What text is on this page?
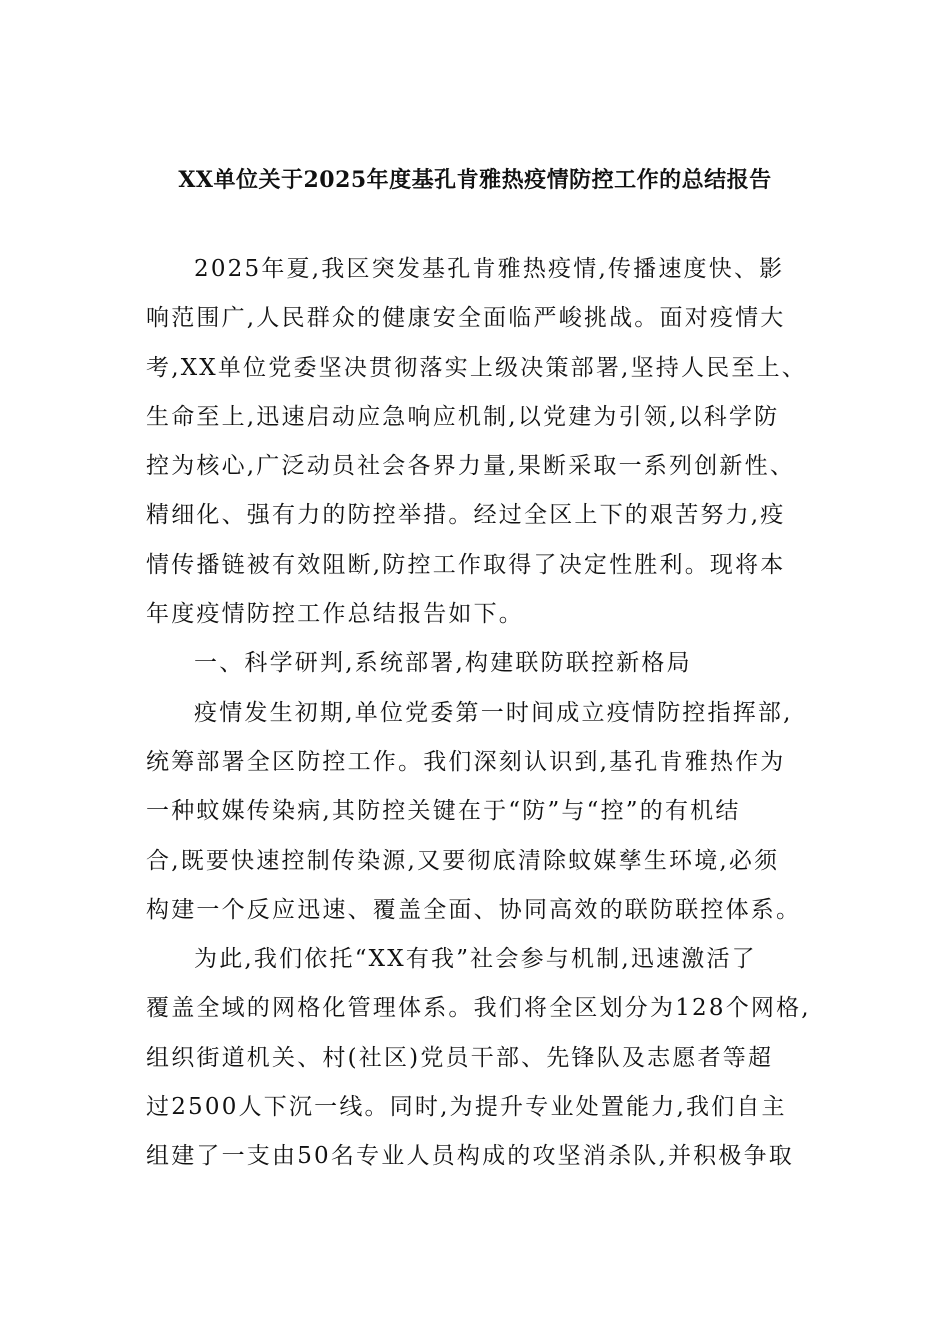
XX单位关于2025年度基孔肯雅热疫情防控工作的总结报告
2025年夏,我区突发基孔肯雅热疫情,传播速度快、影
响范围广,人民群众的健康安全面临严峻挑战。面对疫情大
考,XX单位党委坚决贯彻落实上级决策部署,坚持人民至上、
生命至上,迅速启动应急响应机制,以党建为引领,以科学防
控为核心,广泛动员社会各界力量,果断采取一系列创新性、
精细化、强有力的防控举措。经过全区上下的艰苦努力,疫
情传播链被有效阻断,防控工作取得了决定性胜利。现将本
年度疫情防控工作总结报告如下。
一、科学研判,系统部署,构建联防联控新格局
疫情发生初期,单位党委第一时间成立疫情防控指挥部,
统筹部署全区防控工作。我们深刻认识到,基孔肯雅热作为
一种蚊媒传染病,其防控关键在于“防”与“控”的有机结
合,既要快速控制传染源,又要彻底清除蚊媒孳生环境,必须
构建一个反应迅速、覆盖全面、协同高效的联防联控体系。
为此,我们依托“XX有我”社会参与机制,迅速激活了
覆盖全域的网格化管理体系。我们将全区划分为128个网格,
组织街道机关、村(社区)党员干部、先锋队及志愿者等超
过2500人下沉一线。同时,为提升专业处置能力,我们自主
组建了一支由50名专业人员构成的攻坚消杀队,并积极争取
